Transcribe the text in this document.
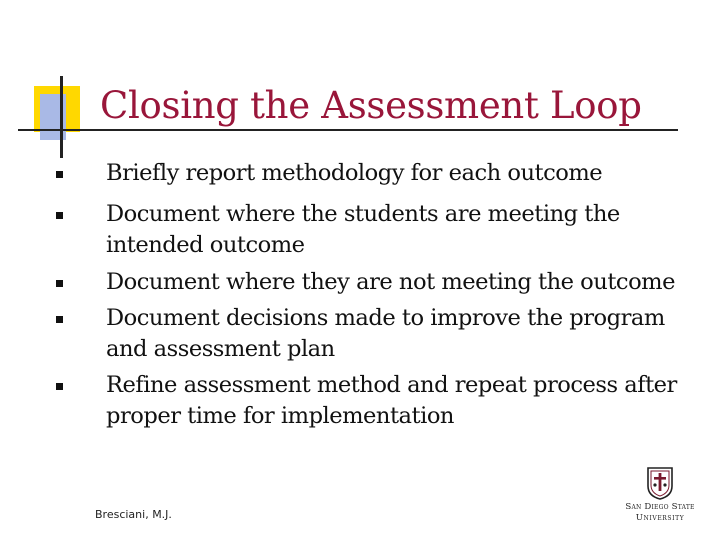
Closing the Assessment Loop
Briefly report methodology for each outcome
Document where the students are meeting the intended outcome
Document where they are not meeting the outcome
Document decisions made to improve the program and assessment plan
Refine assessment method and repeat process after proper time for implementation
Bresciani, M.J.
San Diego State
University
